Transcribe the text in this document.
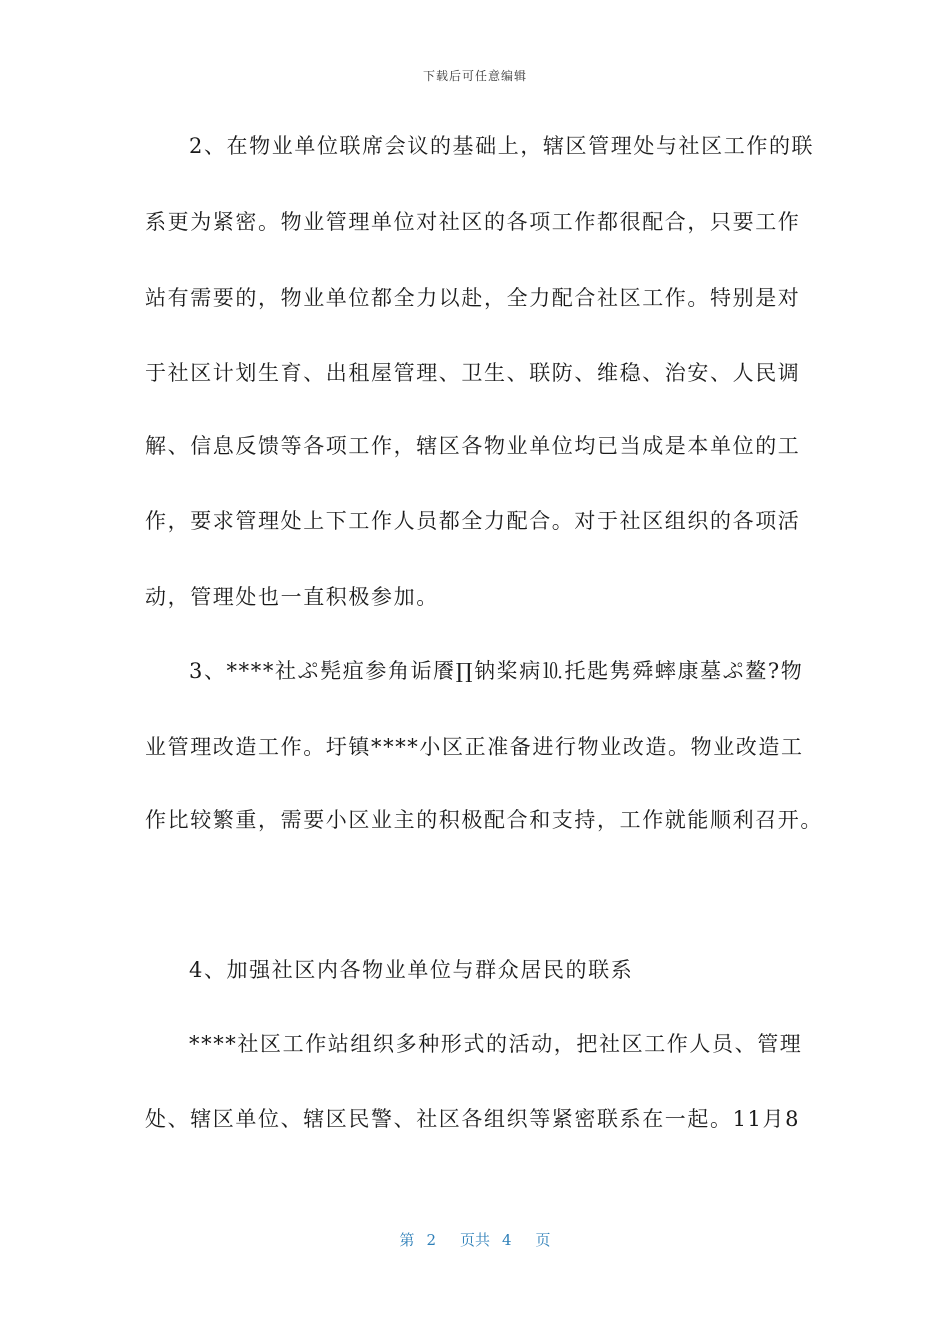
下载后可任意编辑
2、在物业单位联席会议的基础上，辖区管理处与社区工作的联
系更为紧密。物业管理单位对社区的各项工作都很配合，只要工作
站有需要的，物业单位都全力以赴，全力配合社区工作。特别是对
于社区计划生育、出租屋管理、卫生、联防、维稳、治安、人民调
解、信息反馈等各项工作，辖区各物业单位均已当成是本单位的工
作，要求管理处上下工作人员都全力配合。对于社区组织的各项活
动，管理处也一直积极参加。
3、****社ぷ髡疽参角诟餍∏钠桨病⒑托匙隽舜蟀康墓ぷ鳌?物
业管理改造工作。圩镇****小区正准备进行物业改造。物业改造工
作比较繁重，需要小区业主的积极配合和支持，工作就能顺利召开。
4、加强社区内各物业单位与群众居民的联系
****社区工作站组织多种形式的活动，把社区工作人员、管理
处、辖区单位、辖区民警、社区各组织等紧密联系在一起。11月8
第 2 页共 4 页
